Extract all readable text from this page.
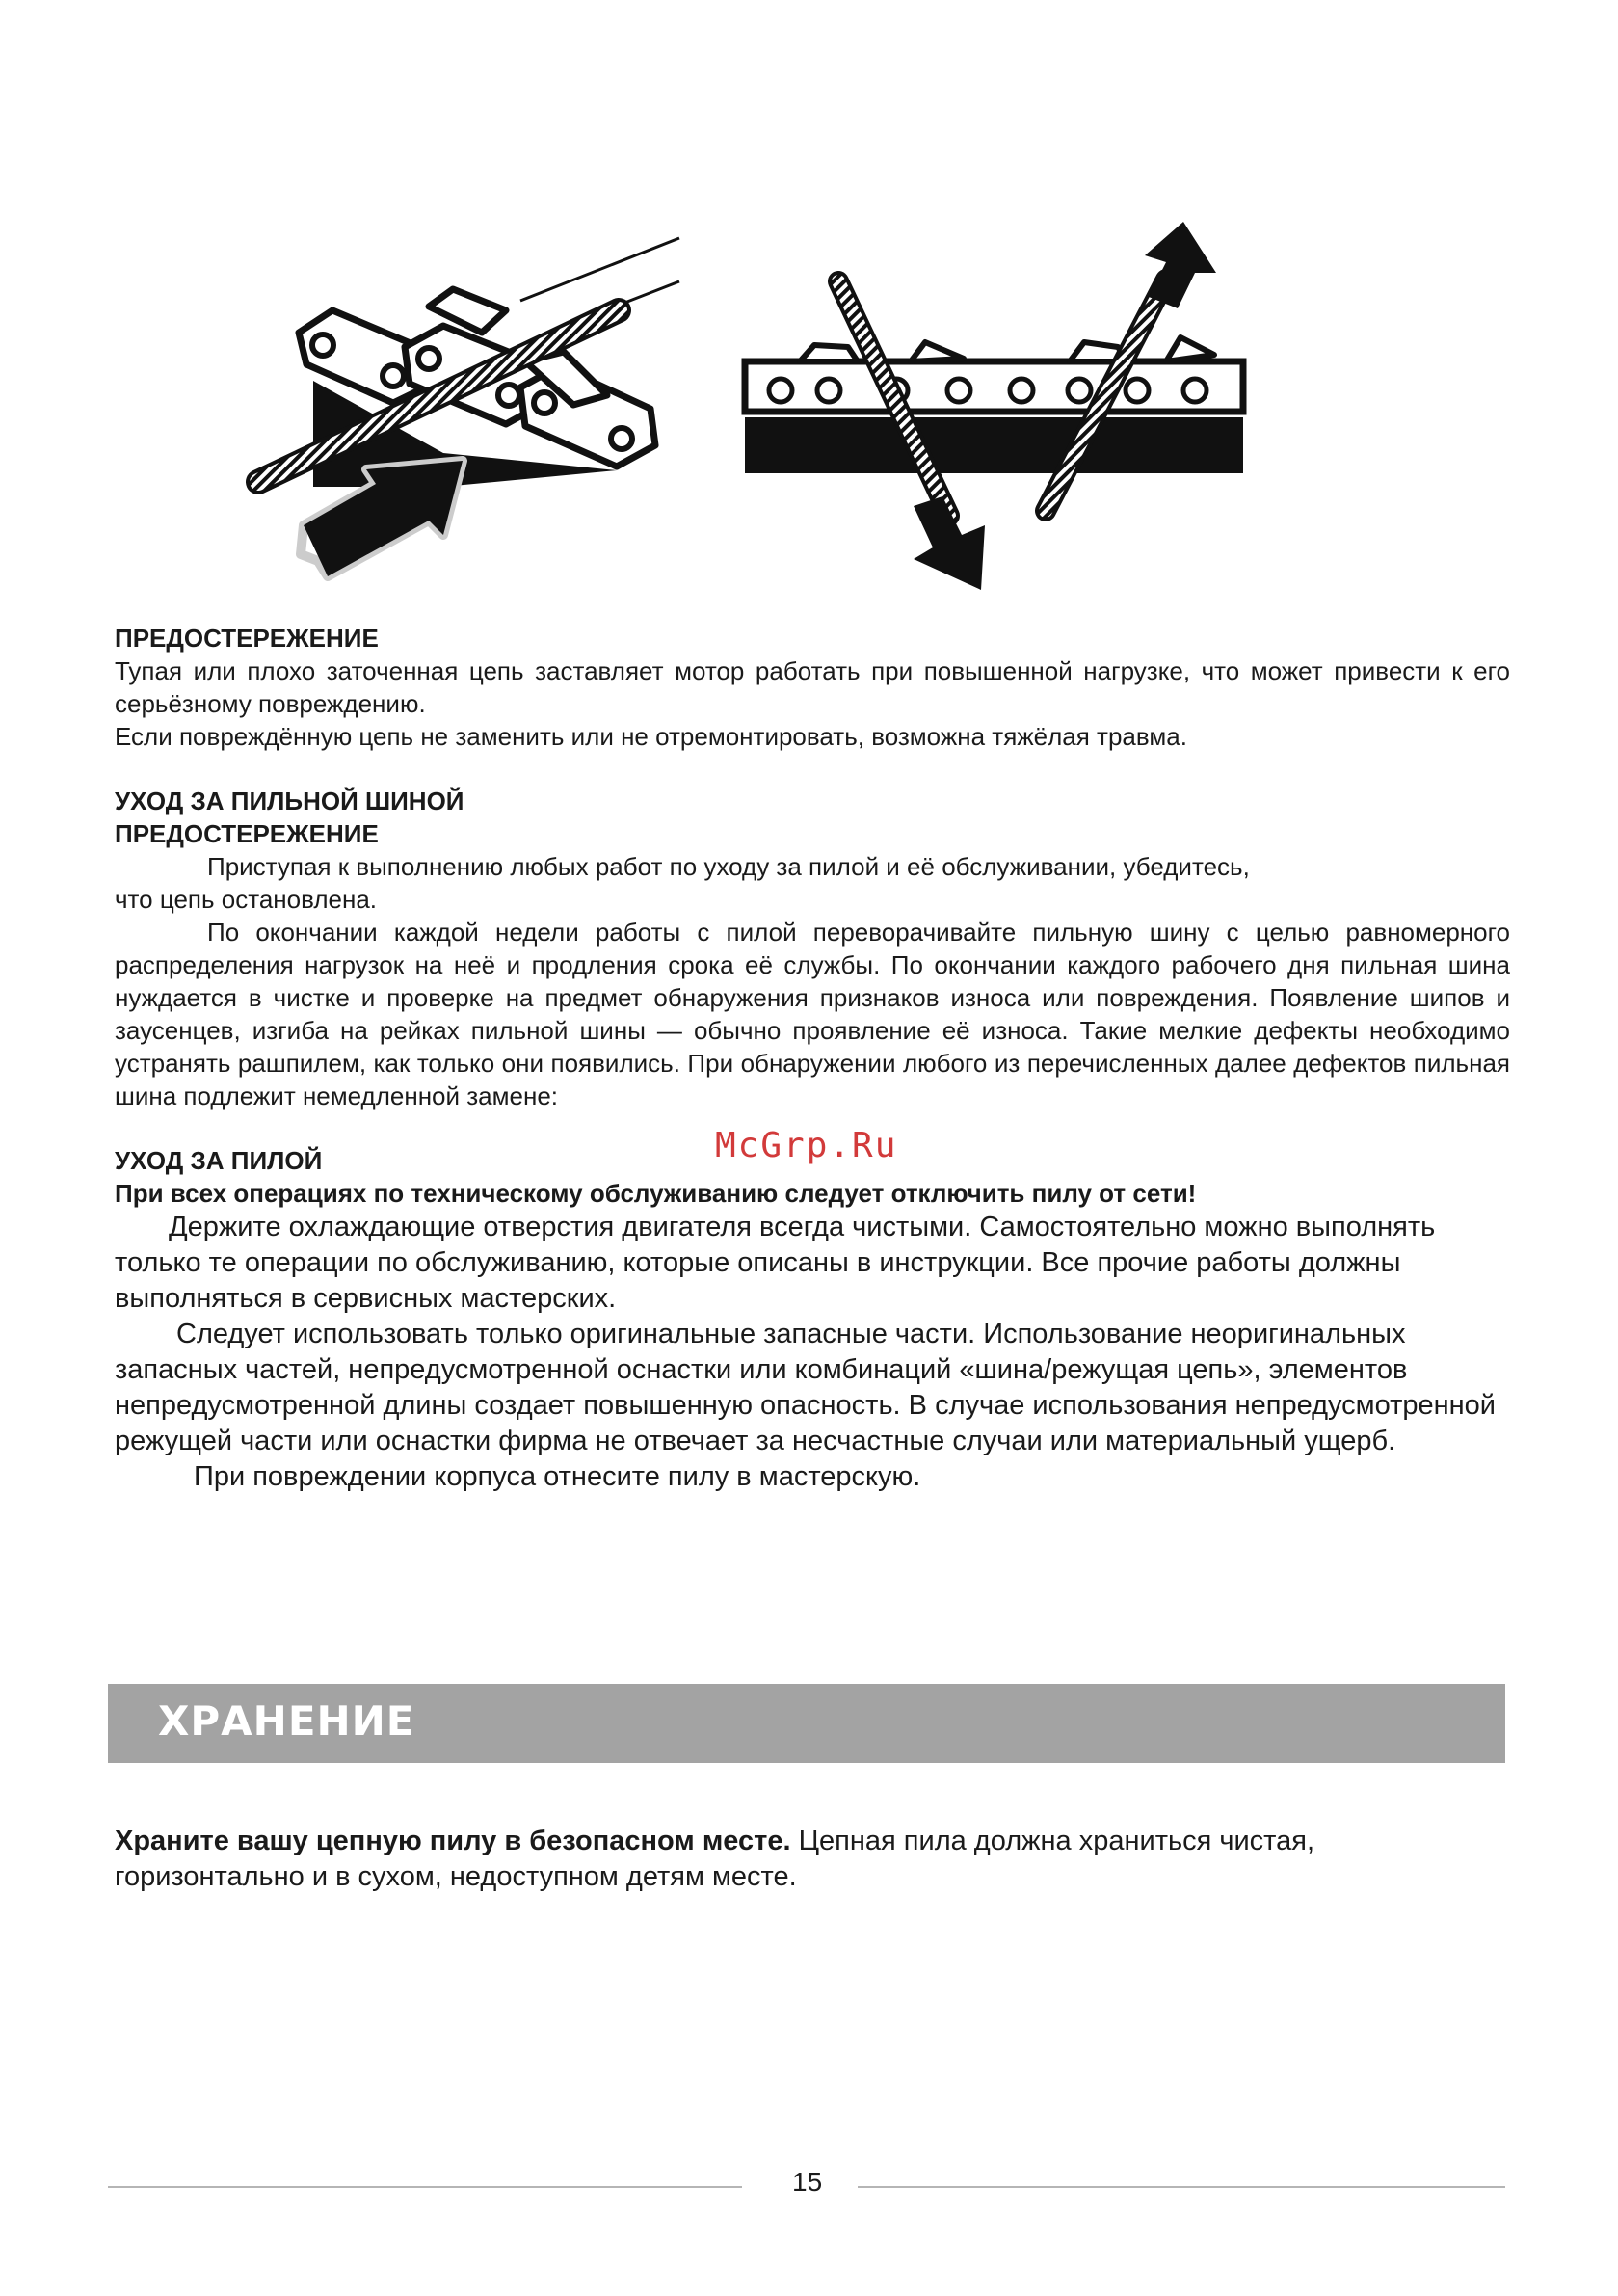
ПРЕДОСТЕРЕЖЕНИЕ
Тупая или плохо заточенная цепь заставляет мотор работать при повышенной нагрузке, что может привести к его серьёзному повреждению.
Если повреждённую цепь не заменить или не отремонтировать, возможна тяжёлая травма.
УХОД ЗА ПИЛЬНОЙ ШИНОЙ
ПРЕДОСТЕРЕЖЕНИЕ
Приступая к выполнению любых работ по уходу за пилой и её обслуживании, убедитесь, что цепь остановлена.
По окончании каждой недели работы с пилой переворачивайте пильную шину с целью равномерного распределения нагрузок на неё и продления срока её службы. По окончании каждого рабочего дня пильная шина нуждается в чистке и проверке на предмет обнаружения признаков износа или повреждения. Появление шипов и заусенцев, изгиба на рейках пильной шины — обычно проявление её износа. Такие мелкие дефекты необходимо устранять рашпилем, как только они появились. При обнаружении любого из перечисленных далее дефектов пильная шина подлежит немедленной замене:
УХОД ЗА ПИЛОЙ
При всех операциях по техническому обслуживанию следует отключить пилу от сети!
Держите охлаждающие отверстия двигателя всегда чистыми. Самостоятельно можно выполнять только те операции по обслуживанию, которые описаны в инструкции. Все прочие работы должны выполняться в сервисных мастерских.
Следует использовать только оригинальные запасные части. Использование неоригинальных запасных частей, непредусмотренной оснастки или комбинаций «шина/режущая цепь», элементов непредусмотренной длины создает повышенную опасность. В случае использования непредусмотренной режущей части или оснастки фирма не отвечает за несчастные случаи или материальный ущерб.
При повреждении корпуса отнесите пилу в мастерскую.
McGrp.Ru
ХРАНЕНИЕ
Храните вашу цепную пилу в безопасном месте. Цепная пила должна храниться чистая, горизонтально и в сухом, недоступном детям месте.
15
